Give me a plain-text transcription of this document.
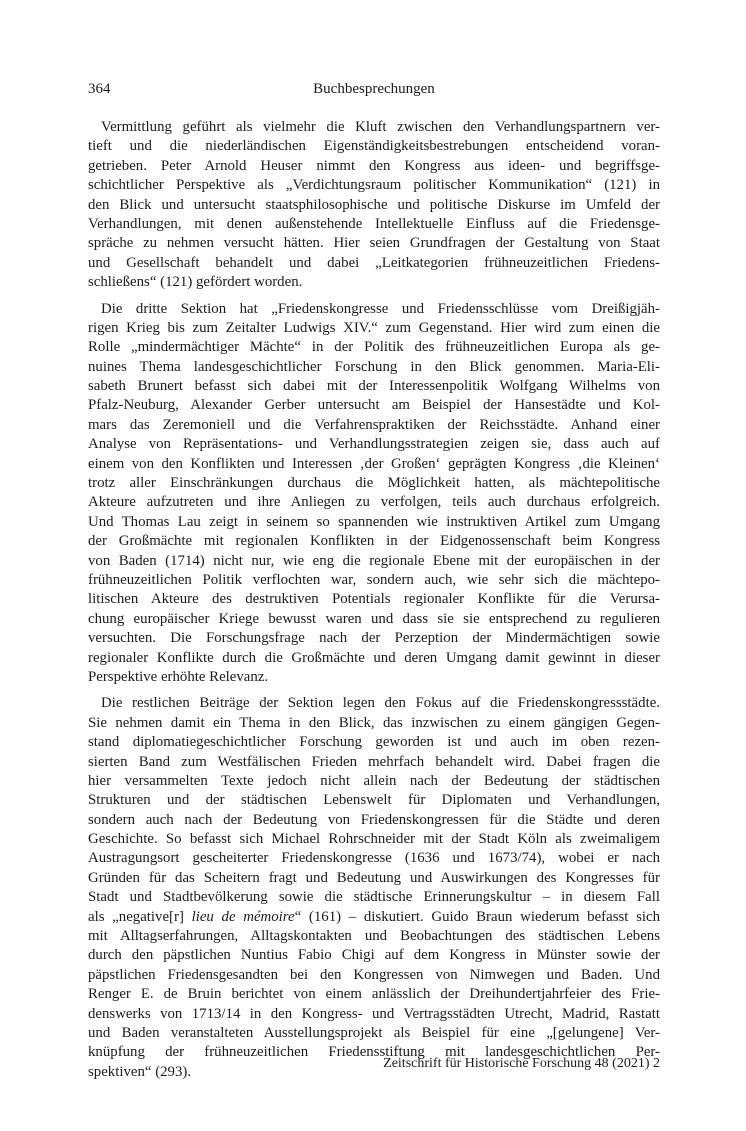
364	Buchbesprechungen

Vermittlung geführt als vielmehr die Kluft zwischen den Verhandlungspartnern ver-
tieft und die niederländischen Eigenständigkeitsbestrebungen entscheidend voran-
getrieben. Peter Arnold Heuser nimmt den Kongress aus ideen- und begriffsge-
schichtlicher Perspektive als „Verdichtungsraum politischer Kommunikation“ (121) in
den Blick und untersucht staatsphilosophische und politische Diskurse im Umfeld der
Verhandlungen, mit denen außenstehende Intellektuelle Einfluss auf die Friedensge-
spräche zu nehmen versucht hätten. Hier seien Grundfragen der Gestaltung von Staat
und Gesellschaft behandelt und dabei „Leitkategorien frühneuzeitlichen Friedens-
schließens“ (121) gefördert worden.

Die dritte Sektion hat „Friedenskongresse und Friedensschlüsse vom Dreißigjäh-
rigen Krieg bis zum Zeitalter Ludwigs XIV.“ zum Gegenstand. Hier wird zum einen die
Rolle „mindermächtiger Mächte“ in der Politik des frühneuzeitlichen Europa als ge-
nuines Thema landesgeschichtlicher Forschung in den Blick genommen. Maria-Eli-
sabeth Brunert befasst sich dabei mit der Interessenpolitik Wolfgang Wilhelms von
Pfalz-Neuburg, Alexander Gerber untersucht am Beispiel der Hansestädte und Kol-
mars das Zeremoniell und die Verfahrenspraktiken der Reichsstädte. Anhand einer
Analyse von Repräsentations- und Verhandlungsstrategien zeigen sie, dass auch auf
einem von den Konflikten und Interessen ‚der Großen‘ geprägten Kongress ‚die Kleinen‘
trotz aller Einschränkungen durchaus die Möglichkeit hatten, als mächtepolitische
Akteure aufzutreten und ihre Anliegen zu verfolgen, teils auch durchaus erfolgreich.
Und Thomas Lau zeigt in seinem so spannenden wie instruktiven Artikel zum Umgang
der Großmächte mit regionalen Konflikten in der Eidgenossenschaft beim Kongress
von Baden (1714) nicht nur, wie eng die regionale Ebene mit der europäischen in der
frühneuzeitlichen Politik verflochten war, sondern auch, wie sehr sich die mächtepo-
litischen Akteure des destruktiven Potentials regionaler Konflikte für die Verursa-
chung europäischer Kriege bewusst waren und dass sie sie entsprechend zu regulieren
versuchten. Die Forschungsfrage nach der Perzeption der Mindermächtigen sowie
regionaler Konflikte durch die Großmächte und deren Umgang damit gewinnt in dieser
Perspektive erhöhte Relevanz.

Die restlichen Beiträge der Sektion legen den Fokus auf die Friedenskongressstädte.
Sie nehmen damit ein Thema in den Blick, das inzwischen zu einem gängigen Gegen-
stand diplomatiegeschichtlicher Forschung geworden ist und auch im oben rezen-
sierten Band zum Westfälischen Frieden mehrfach behandelt wird. Dabei fragen die
hier versammelten Texte jedoch nicht allein nach der Bedeutung der städtischen
Strukturen und der städtischen Lebenswelt für Diplomaten und Verhandlungen,
sondern auch nach der Bedeutung von Friedenskongressen für die Städte und deren
Geschichte. So befasst sich Michael Rohrschneider mit der Stadt Köln als zweimaligem
Austragungsort gescheiterter Friedenskongresse (1636 und 1673/74), wobei er nach
Gründen für das Scheitern fragt und Bedeutung und Auswirkungen des Kongresses für
Stadt und Stadtbevölkerung sowie die städtische Erinnerungskultur – in diesem Fall
als „negative[r] lieu de mémoire“ (161) – diskutiert. Guido Braun wiederum befasst sich
mit Alltagserfahrungen, Alltagskontakten und Beobachtungen des städtischen Lebens
durch den päpstlichen Nuntius Fabio Chigi auf dem Kongress in Münster sowie der
päpstlichen Friedensgesandten bei den Kongressen von Nimwegen und Baden. Und
Renger E. de Bruin berichtet von einem anlässlich der Dreihundertjahrfeier des Frie-
denswerks von 1713/14 in den Kongress- und Vertragsstädten Utrecht, Madrid, Rastatt
und Baden veranstalteten Ausstellungsprojekt als Beispiel für eine „[gelungene] Ver-
knüpfung der frühneuzeitlichen Friedensstiftung mit landesgeschichtlichen Per-
spektiven“ (293).

Zeitschrift für Historische Forschung 48 (2021) 2
